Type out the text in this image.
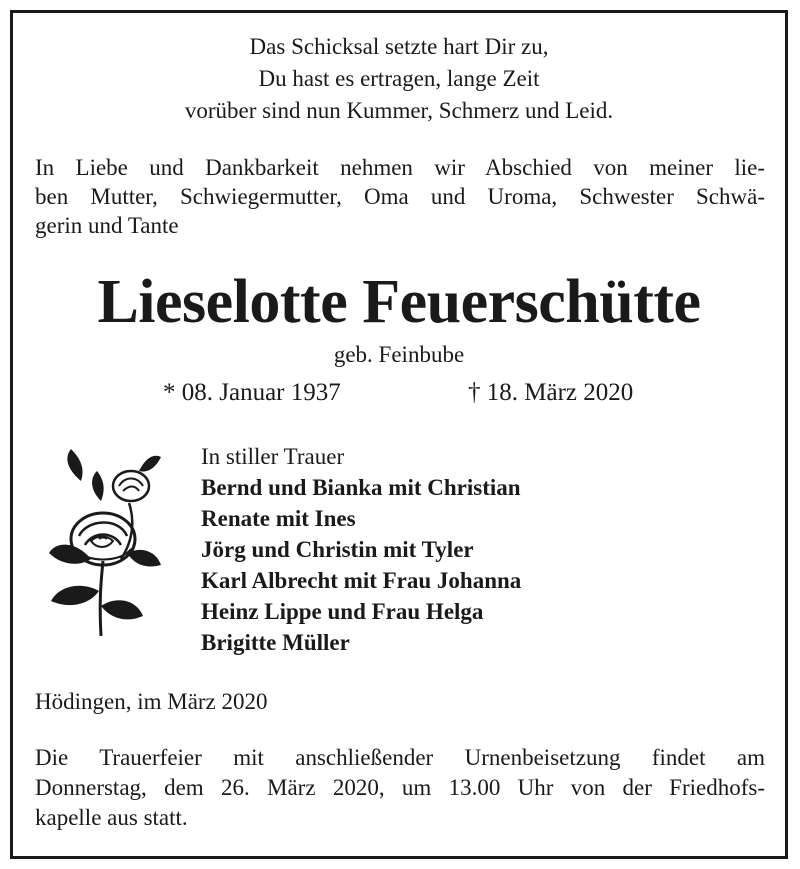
Das Schicksal setzte hart Dir zu,
Du hast es ertragen, lange Zeit
vorüber sind nun Kummer, Schmerz und Leid.
In Liebe und Dankbarkeit nehmen wir Abschied von meiner lie-
ben Mutter, Schwiegermutter, Oma und Uroma, Schwester Schwä-
gerin und Tante
Lieselotte Feuerschütte
geb. Feinbube
* 08. Januar 1937	† 18. März 2020
In stiller Trauer
Bernd und Bianka mit Christian
Renate mit Ines
Jörg und Christin mit Tyler
Karl Albrecht mit Frau Johanna
Heinz Lippe und Frau Helga
Brigitte Müller
Hödingen, im März 2020
Die Trauerfeier mit anschließender Urnenbeisetzung findet am
Donnerstag, dem 26. März 2020, um 13.00 Uhr von der Friedhofs-
kapelle aus statt.
